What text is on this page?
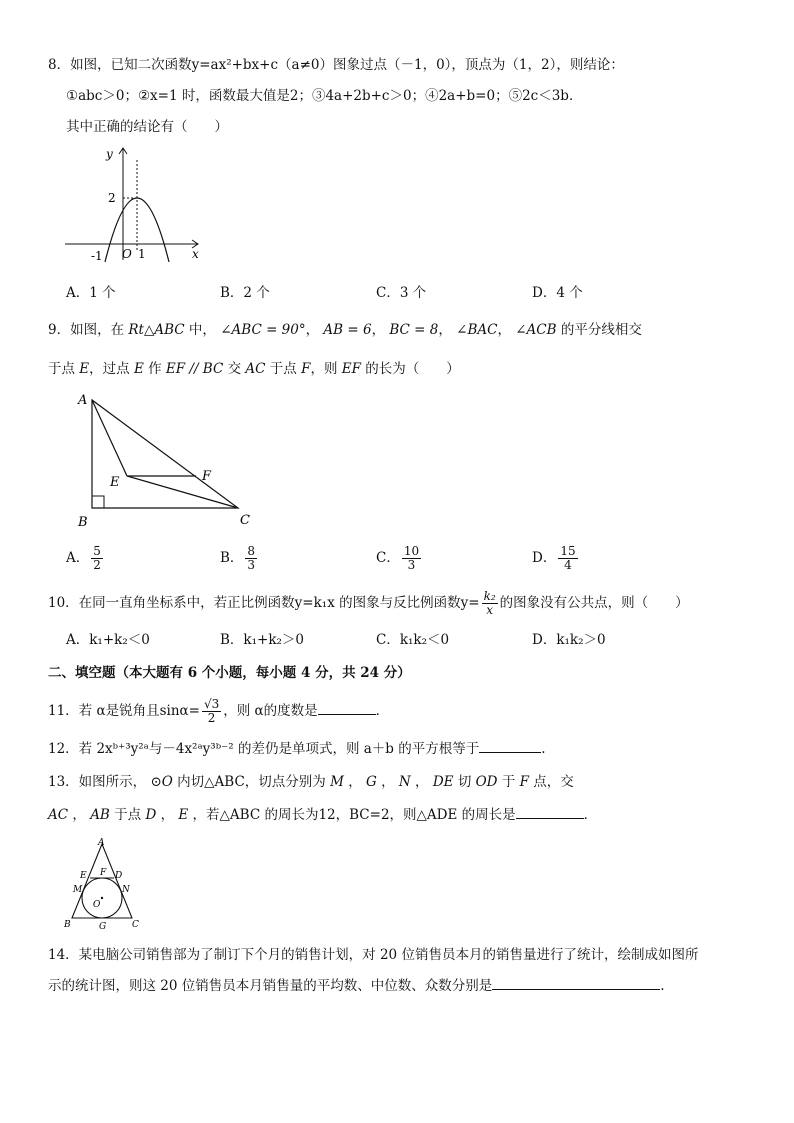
8．如图，已知二次函数y=ax²+bx+c（a≠0）图象过点（－1，0），顶点为（1，2），则结论：
①abc＞0；②x=1 时，函数最大值是2；③4a+2b+c＞0；④2a+b=0；⑤2c＜3b．
其中正确的结论有（　　）
y
x
2
-1 O 1
A．1 个	B．2 个	C．3 个	D．4 个
9．如图，在 Rt△ABC 中， ∠ABC = 90°， AB = 6， BC = 8， ∠BAC， ∠ACB 的平分线相交
于点 E，过点 E 作 EF // BC 交 AC 于点 F，则 EF 的长为（　　）
A
B	C
E	F
A． $\frac{5}{2}$	B． $\frac{8}{3}$	C． $\frac{10}{3}$	D． $\frac{15}{4}$
10．在同一直角坐标系中，若正比例函数y=k₁x 的图象与反比例函数$y= \frac{\text{k₂}}{x}$ 的图象没有公共点，则（　　）
A．k₁+k₂＜0	B．k₁+k₂＞0	C．k₁k₂＜0	D．k₁k₂＞0
二、填空题（本大题有 6 个小题，每小题 4 分，共 24 分）
11．若 α是锐角且$\sin\alpha= \frac{√3}{2}$ ，则 α的度数是	．
12．若 2xᵇ⁺³y²ᵃ与－4x²ᵃy³ᵇ⁻² 的差仍是单项式，则 a＋b 的平方根等于	.
13．如图所示， ⊙O 内切△ABC，切点分别为 M ， G ， N ， DE 切 OD 于 F 点，交
AC ， AB 于点 D ， E ，若△ABC 的周长为12，BC=2，则△ADE 的周长是	．
A
E F D
M	N
O
B	G	C
14．某电脑公司销售部为了制订下个月的销售计划，对 20 位销售员本月的销售量进行了统计，绘制成如图所
示的统计图，则这 20 位销售员本月销售量的平均数、中位数、众数分别是	.
